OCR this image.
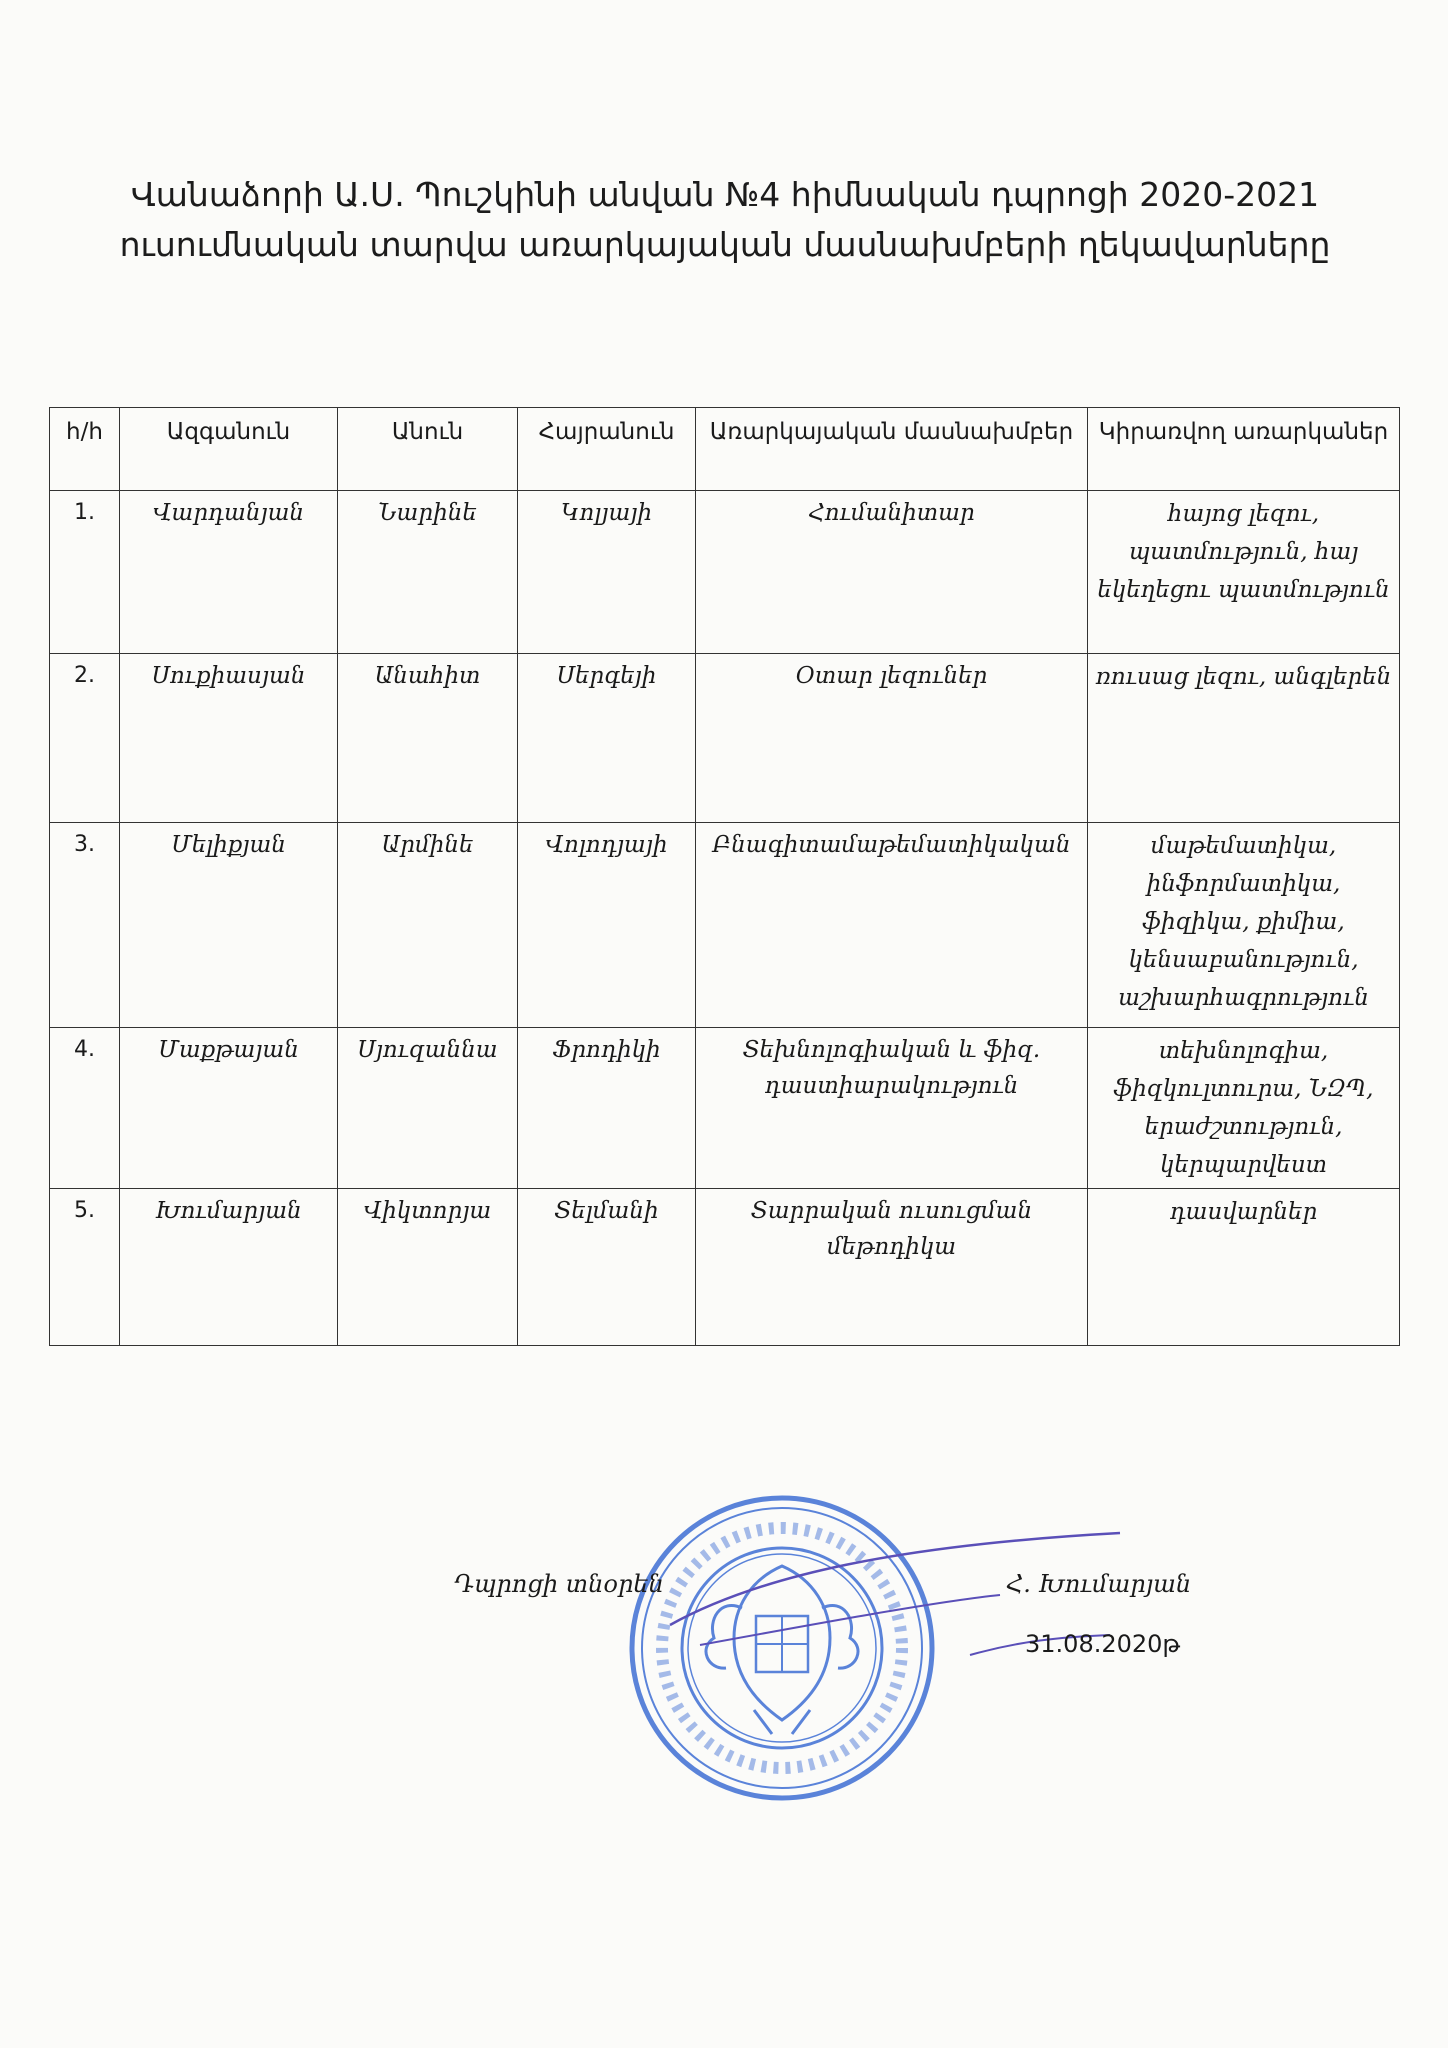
Վանաձորի Ա.Ս. Պուշկինի անվան №4 հիմնական դպրոցի 2020-2021
ուսումնական տարվա առարկայական մասնախմբերի ղեկավարները
հ/հ	Ազգանուն	Անուն	Հայրանուն	Առարկայական մասնախմբեր	Կիրառվող առարկաներ
1.	Վարդանյան	Նարինե	Կոլյայի	Հումանիտար	հայոց լեզու, պատմություն, հայ եկեղեցու պատմություն
2.	Սուքիասյան	Անահիտ	Սերգեյի	Օտար լեզուներ	ռուսաց լեզու, անգլերեն
3.	Մելիքյան	Արմինե	Վոլոդյայի	Բնագիտամաթեմատիկական	մաթեմատիկա, ինֆորմատիկա, ֆիզիկա, քիմիա, կենսաբանություն, աշխարհագրություն
4.	Մաքթայան	Սյուզաննա	Ֆրոդիկի	Տեխնոլոգիական և ֆիզ. դաստիարակություն	տեխնոլոգիա, ֆիզկուլտուրա, ՆԶՊ, երաժշտություն, կերպարվեստ
5.	Խումարյան	Վիկտորյա	Տելմանի	Տարրական ուսուցման մեթոդիկա	դասվարներ
Դպրոցի տնօրեն	Հ. Խումարյան
31.08.2020թ
